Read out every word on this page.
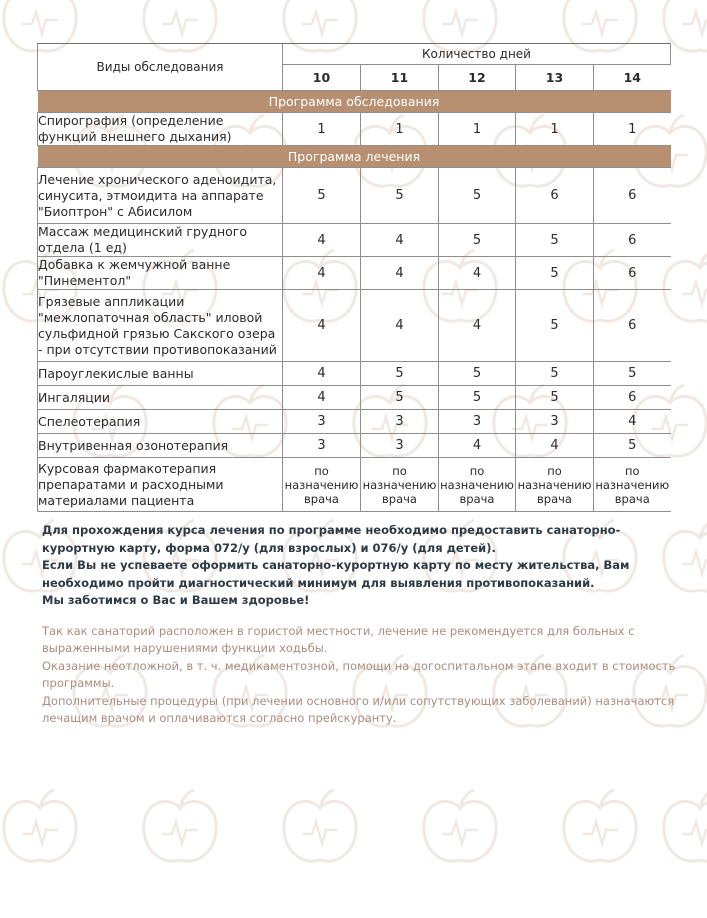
Виды обследования	Количество дней				
	10	11	12	13	14
Программа обследования					
Спирография (определение функций внешнего дыхания)	1	1	1	1	1
Программа лечения					
Лечение хронического аденоидита, синусита, этмоидита на аппарате "Биоптрон" с Абисилом	5	5	5	6	6
Массаж медицинский грудного отдела (1 ед)	4	4	5	5	6
Добавка к жемчужной ванне "Пинементол"	4	4	4	5	6
Грязевые аппликации "межлопаточная область" иловой сульфидной грязью Сакского озера - при отсутствии противопоказаний	4	4	4	5	6
Пароуглекислые ванны	4	5	5	5	5
Ингаляции	4	5	5	5	6
Спелеотерапия	3	3	3	3	4
Внутривенная озонотерапия	3	3	4	4	5
Курсовая фармакотерапия препаратами и расходными материалами пациента	по назначению врача	по назначению врача	по назначению врача	по назначению врача	по назначению врача

Для прохождения курса лечения по программе необходимо предоставить санаторно-курортную карту, форма 072/у (для взрослых) и 076/у (для детей).

Если Вы не успеваете оформить санаторно-курортную карту по месту жительства, Вам необходимо пройти диагностический минимум для выявления противопоказаний.

Мы заботимся о Вас и Вашем здоровье!

Так как санаторий расположен в гористой местности, лечение не рекомендуется для больных с выраженными нарушениями функции ходьбы.

Оказание неотложной, в т. ч. медикаментозной, помощи на догоспитальном этапе входит в стоимость программы.

Дополнительные процедуры (при лечении основного и/или сопутствующих заболеваний) назначаются лечащим врачом и оплачиваются согласно прейскуранту.
